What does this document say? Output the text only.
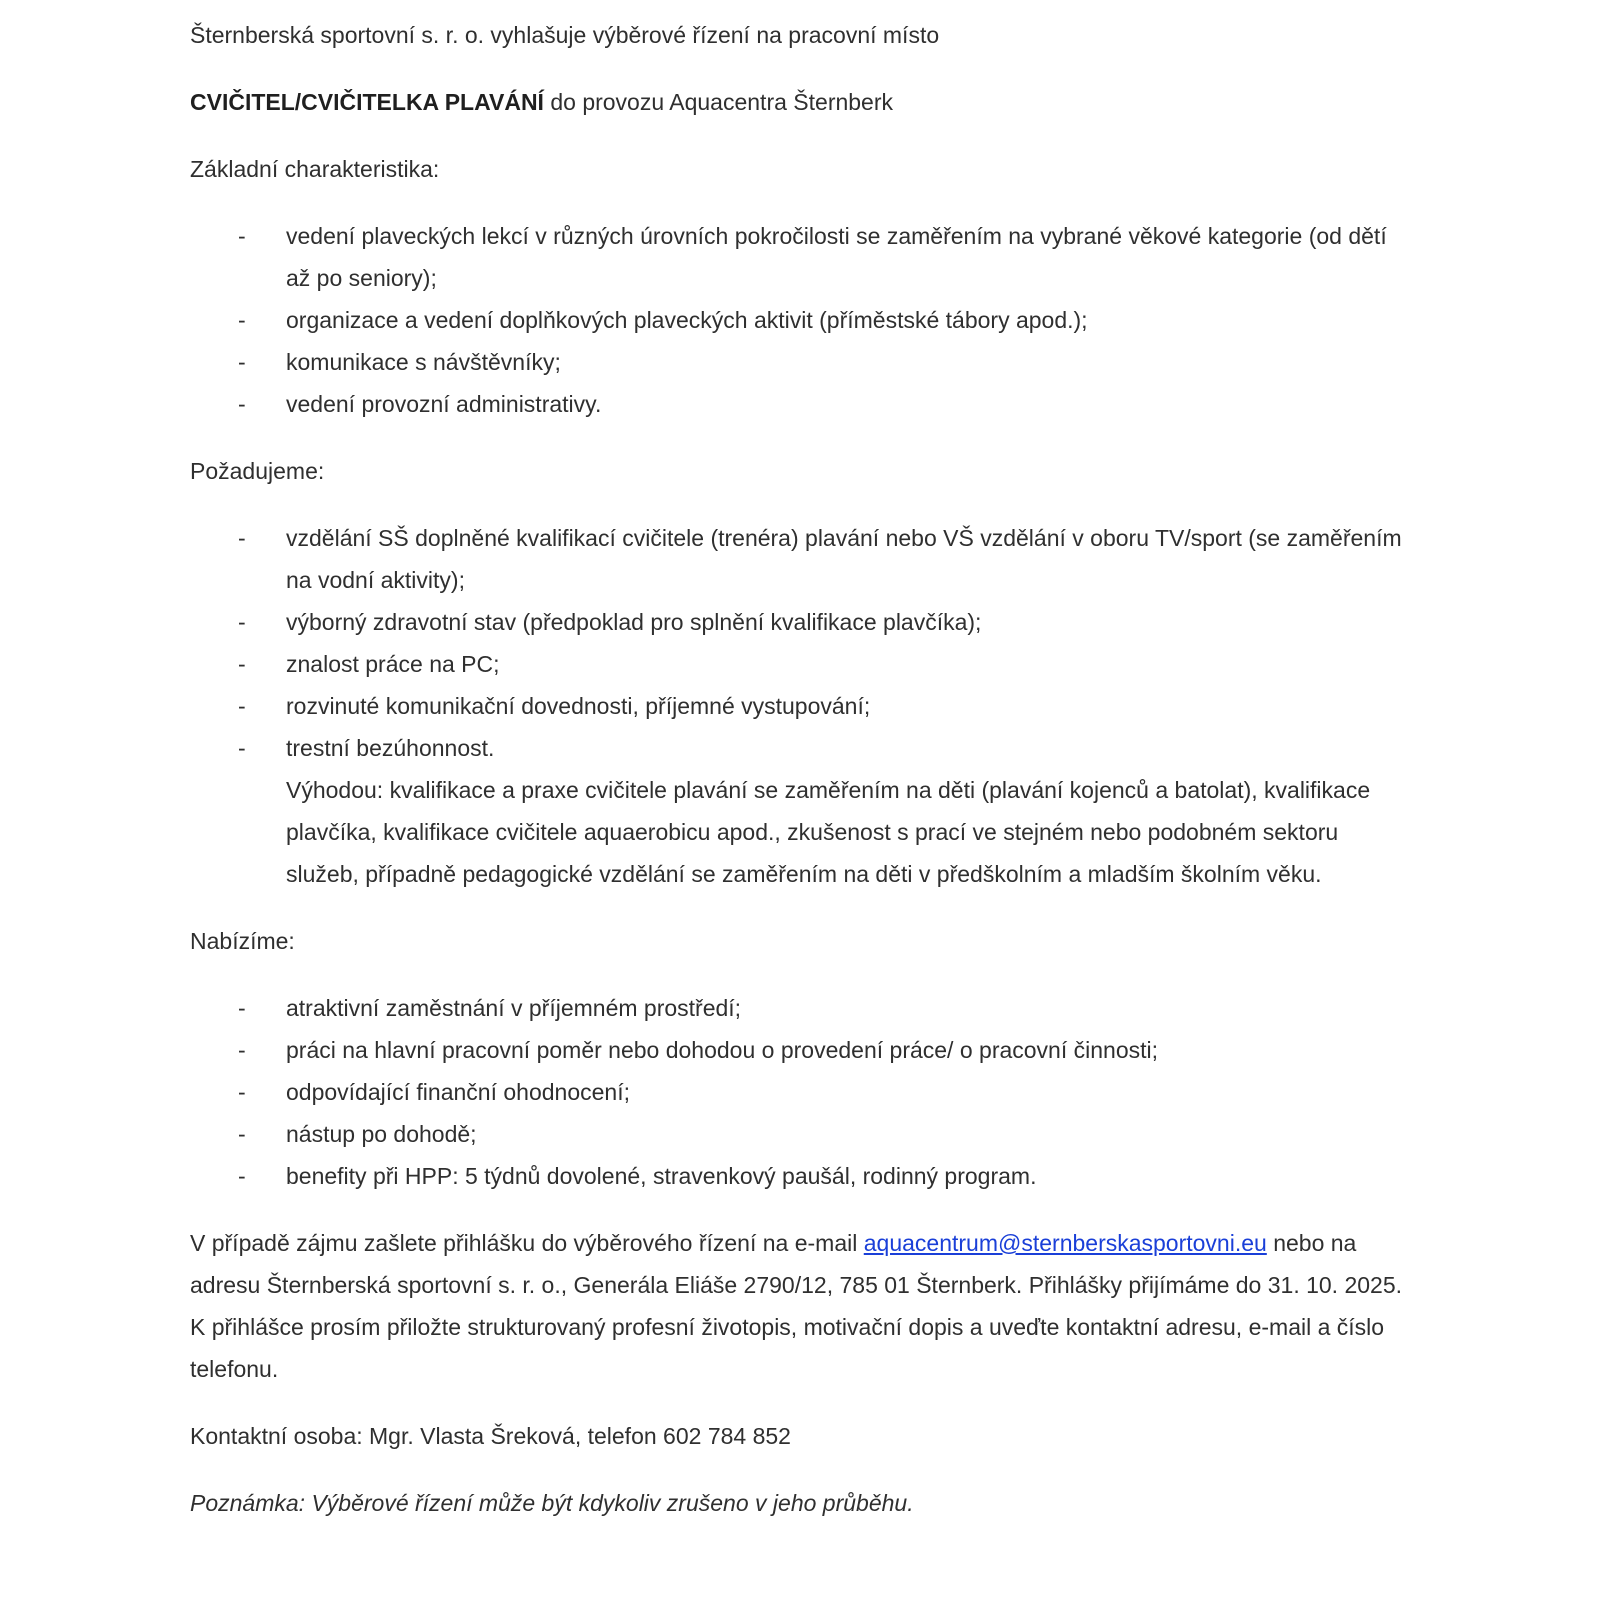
Šternberská sportovní s. r. o. vyhlašuje výběrové řízení na pracovní místo

CVIČITEL/CVIČITELKA PLAVÁNÍ do provozu Aquacentra Šternberk

Základní charakteristika:

- vedení plaveckých lekcí v různých úrovních pokročilosti se zaměřením na vybrané věkové kategorie (od dětí až po seniory);
- organizace a vedení doplňkových plaveckých aktivit (příměstské tábory apod.);
- komunikace s návštěvníky;
- vedení provozní administrativy.

Požadujeme:

- vzdělání SŠ doplněné kvalifikací cvičitele (trenéra) plavání nebo VŠ vzdělání v oboru TV/sport (se zaměřením na vodní aktivity);
- výborný zdravotní stav (předpoklad pro splnění kvalifikace plavčíka);
- znalost práce na PC;
- rozvinuté komunikační dovednosti, příjemné vystupování;
- trestní bezúhonnost.
Výhodou: kvalifikace a praxe cvičitele plavání se zaměřením na děti (plavání kojenců a batolat), kvalifikace plavčíka, kvalifikace cvičitele aquaerobicu apod., zkušenost s prací ve stejném nebo podobném sektoru služeb, případně pedagogické vzdělání se zaměřením na děti v předškolním a mladším školním věku.

Nabízíme:

- atraktivní zaměstnání v příjemném prostředí;
- práci na hlavní pracovní poměr nebo dohodou o provedení práce/ o pracovní činnosti;
- odpovídající finanční ohodnocení;
- nástup po dohodě;
- benefity při HPP: 5 týdnů dovolené, stravenkový paušál, rodinný program.

V případě zájmu zašlete přihlášku do výběrového řízení na e-mail aquacentrum@sternberskasportovni.eu nebo na adresu Šternberská sportovní s. r. o., Generála Eliáše 2790/12, 785 01 Šternberk. Přihlášky přijímáme do 31. 10. 2025. K přihlášce prosím přiložte strukturovaný profesní životopis, motivační dopis a uveďte kontaktní adresu, e-mail a číslo telefonu.

Kontaktní osoba: Mgr. Vlasta Šreková, telefon 602 784 852

Poznámka: Výběrové řízení může být kdykoliv zrušeno v jeho průběhu.
